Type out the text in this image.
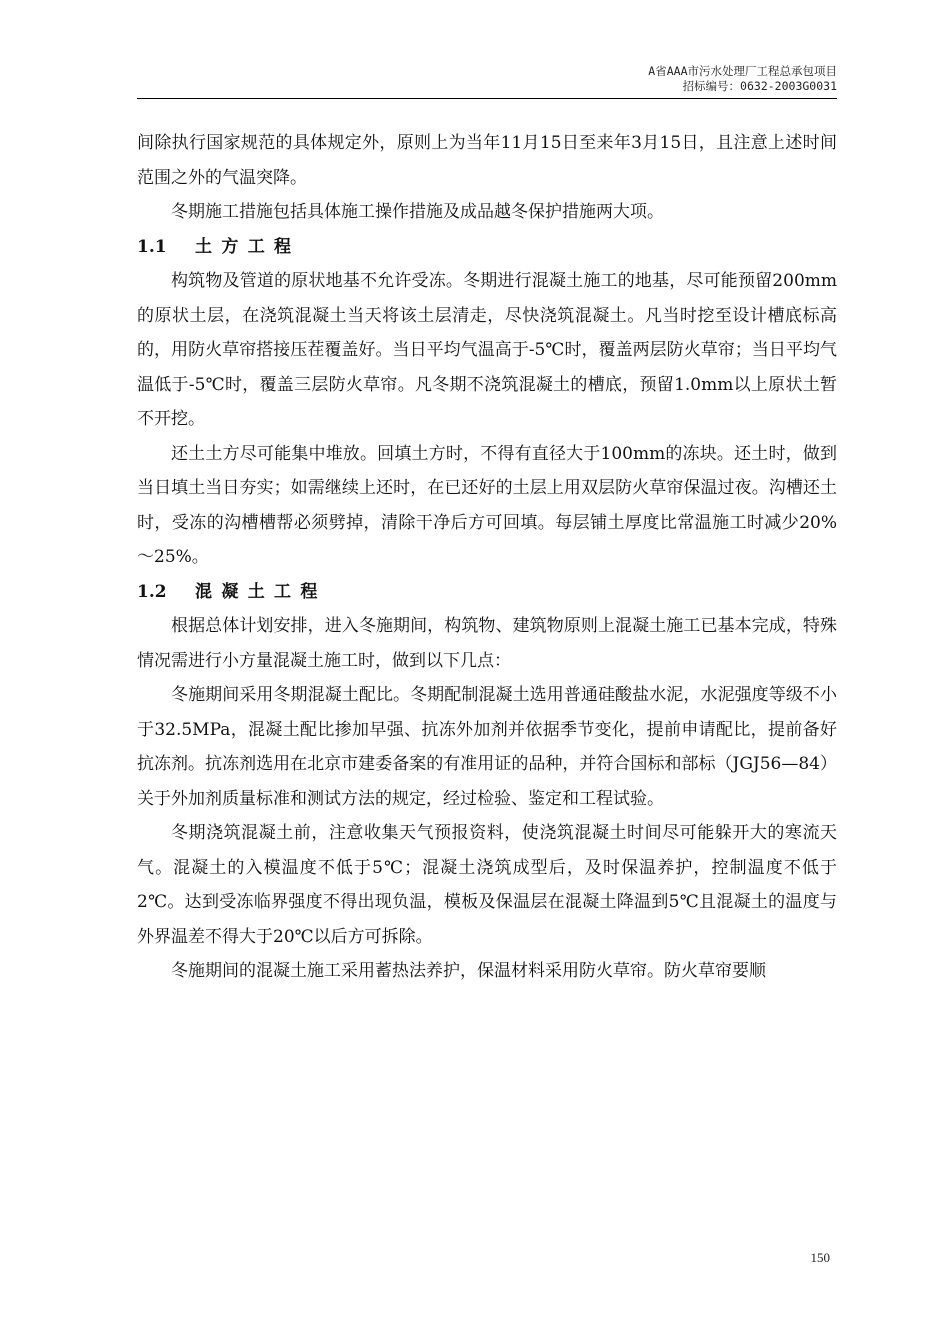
A省AAA市污水处理厂工程总承包项目
招标编号：0632-2003G0031

间除执行国家规范的具体规定外，原则上为当年11月15日至来年3月15日，且注意上述时间范围之外的气温突降。

冬期施工措施包括具体施工操作措施及成品越冬保护措施两大项。

1.1 土方工程

构筑物及管道的原状地基不允许受冻。冬期进行混凝土施工的地基，尽可能预留200mm的原状土层，在浇筑混凝土当天将该土层清走，尽快浇筑混凝土。凡当时挖至设计槽底标高的，用防火草帘搭接压茬覆盖好。当日平均气温高于-5℃时，覆盖两层防火草帘；当日平均气温低于-5℃时，覆盖三层防火草帘。凡冬期不浇筑混凝土的槽底，预留1.0mm以上原状土暂不开挖。

还土土方尽可能集中堆放。回填土方时，不得有直径大于100mm的冻块。还土时，做到当日填土当日夯实；如需继续上还时，在已还好的土层上用双层防火草帘保温过夜。沟槽还土时，受冻的沟槽槽帮必须劈掉，清除干净后方可回填。每层铺土厚度比常温施工时减少20%～25%。

1.2 混凝土工程

根据总体计划安排，进入冬施期间，构筑物、建筑物原则上混凝土施工已基本完成，特殊情况需进行小方量混凝土施工时，做到以下几点：

冬施期间采用冬期混凝土配比。冬期配制混凝土选用普通硅酸盐水泥，水泥强度等级不小于32.5MPa，混凝土配比掺加早强、抗冻外加剂并依据季节变化，提前申请配比，提前备好抗冻剂。抗冻剂选用在北京市建委备案的有准用证的品种，并符合国标和部标（JGJ56—84）关于外加剂质量标准和测试方法的规定，经过检验、鉴定和工程试验。

冬期浇筑混凝土前，注意收集天气预报资料，使浇筑混凝土时间尽可能躲开大的寒流天气。混凝土的入模温度不低于5℃；混凝土浇筑成型后，及时保温养护，控制温度不低于2℃。达到受冻临界强度不得出现负温，模板及保温层在混凝土降温到5℃且混凝土的温度与外界温差不得大于20℃以后方可拆除。

冬施期间的混凝土施工采用蓄热法养护，保温材料采用防火草帘。防火草帘要顺

150
